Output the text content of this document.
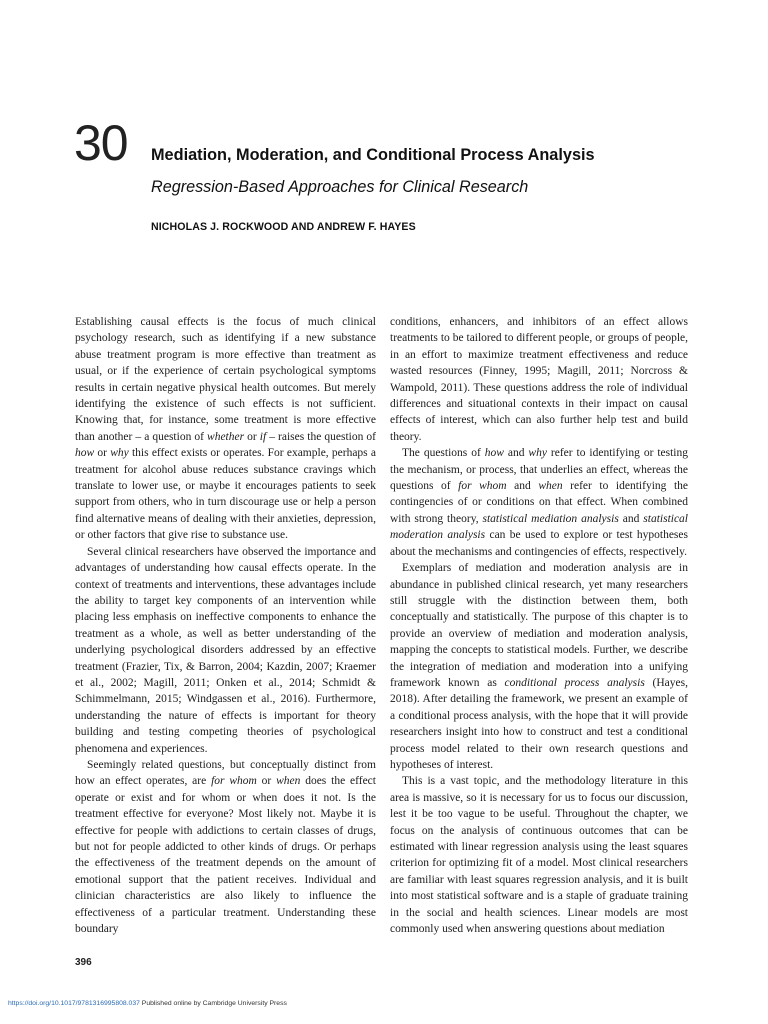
30 Mediation, Moderation, and Conditional Process Analysis
Regression-Based Approaches for Clinical Research
NICHOLAS J. ROCKWOOD AND ANDREW F. HAYES

Establishing causal effects is the focus of much clinical psychology research, such as identifying if a new substance abuse treatment program is more effective than treatment as usual, or if the experience of certain psychological symptoms results in certain negative physical health outcomes. But merely identifying the existence of such effects is not sufficient. Knowing that, for instance, some treatment is more effective than another – a question of whether or if – raises the question of how or why this effect exists or operates. For example, perhaps a treatment for alcohol abuse reduces substance cravings which translate to lower use, or maybe it encourages patients to seek support from others, who in turn discourage use or help a person find alternative means of dealing with their anxieties, depression, or other factors that give rise to substance use.

Several clinical researchers have observed the importance and advantages of understanding how causal effects operate. In the context of treatments and interventions, these advantages include the ability to target key components of an intervention while placing less emphasis on ineffective components to enhance the treatment as a whole, as well as better understanding of the underlying psychological disorders addressed by an effective treatment (Frazier, Tix, & Barron, 2004; Kazdin, 2007; Kraemer et al., 2002; Magill, 2011; Onken et al., 2014; Schmidt & Schimmelmann, 2015; Windgassen et al., 2016). Furthermore, understanding the nature of effects is important for theory building and testing competing theories of psychological phenomena and experiences.

Seemingly related questions, but conceptually distinct from how an effect operates, are for whom or when does the effect operate or exist and for whom or when does it not. Is the treatment effective for everyone? Most likely not. Maybe it is effective for people with addictions to certain classes of drugs, but not for people addicted to other kinds of drugs. Or perhaps the effectiveness of the treatment depends on the amount of emotional support that the patient receives. Individual and clinician characteristics are also likely to influence the effectiveness of a particular treatment. Understanding these boundary

conditions, enhancers, and inhibitors of an effect allows treatments to be tailored to different people, or groups of people, in an effort to maximize treatment effectiveness and reduce wasted resources (Finney, 1995; Magill, 2011; Norcross & Wampold, 2011). These questions address the role of individual differences and situational contexts in their impact on causal effects of interest, which can also further help test and build theory.

The questions of how and why refer to identifying or testing the mechanism, or process, that underlies an effect, whereas the questions of for whom and when refer to identifying the contingencies of or conditions on that effect. When combined with strong theory, statistical mediation analysis and statistical moderation analysis can be used to explore or test hypotheses about the mechanisms and contingencies of effects, respectively.

Exemplars of mediation and moderation analysis are in abundance in published clinical research, yet many researchers still struggle with the distinction between them, both conceptually and statistically. The purpose of this chapter is to provide an overview of mediation and moderation analysis, mapping the concepts to statistical models. Further, we describe the integration of mediation and moderation into a unifying framework known as conditional process analysis (Hayes, 2018). After detailing the framework, we present an example of a conditional process analysis, with the hope that it will provide researchers insight into how to construct and test a conditional process model related to their own research questions and hypotheses of interest.

This is a vast topic, and the methodology literature in this area is massive, so it is necessary for us to focus our discussion, lest it be too vague to be useful. Throughout the chapter, we focus on the analysis of continuous outcomes that can be estimated with linear regression analysis using the least squares criterion for optimizing fit of a model. Most clinical researchers are familiar with least squares regression analysis, and it is built into most statistical software and is a staple of graduate training in the social and health sciences. Linear models are most commonly used when answering questions about mediation

396
https://doi.org/10.1017/9781316995808.037 Published online by Cambridge University Press
